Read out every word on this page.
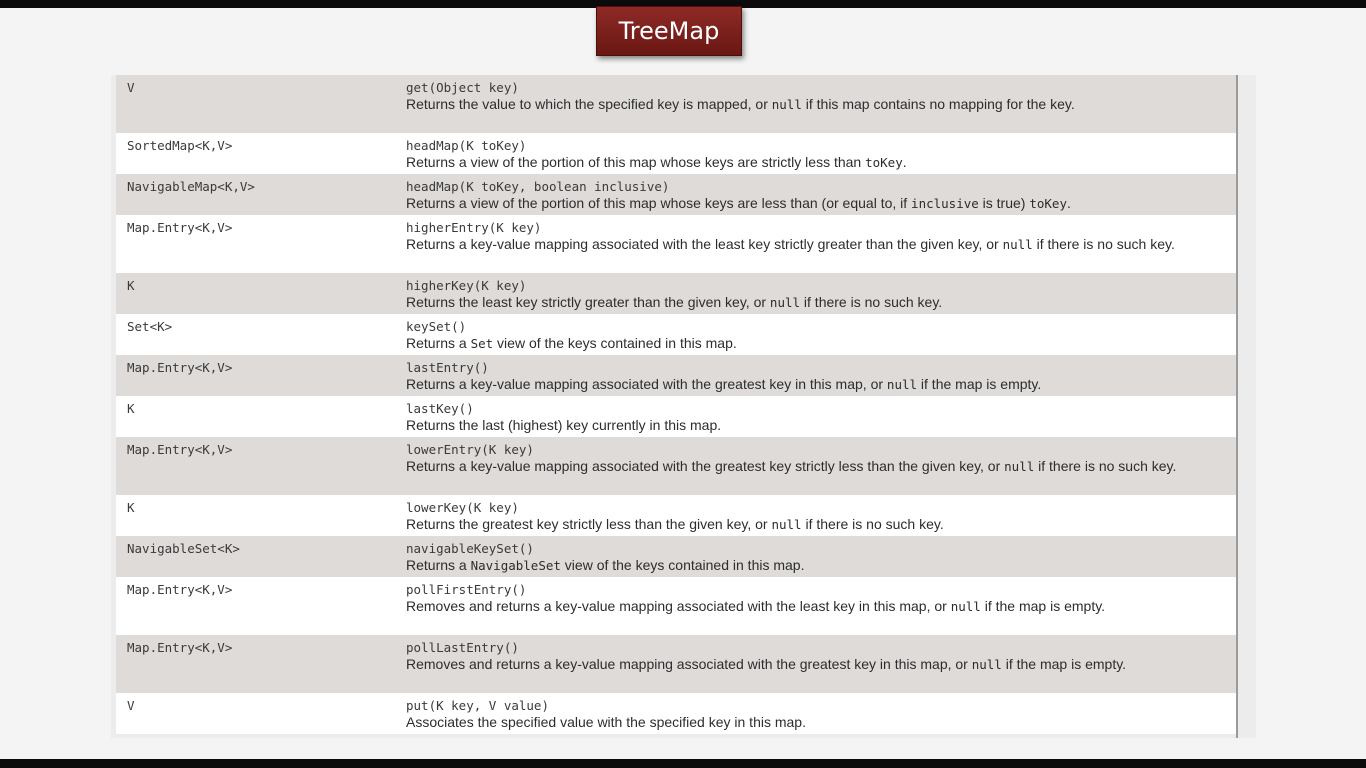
TreeMap
V	get(Object key)
Returns the value to which the specified key is mapped, or null if this map contains no mapping for the key.
SortedMap<K,V>	headMap(K toKey)
Returns a view of the portion of this map whose keys are strictly less than toKey.
NavigableMap<K,V>	headMap(K toKey, boolean inclusive)
Returns a view of the portion of this map whose keys are less than (or equal to, if inclusive is true) toKey.
Map.Entry<K,V>	higherEntry(K key)
Returns a key-value mapping associated with the least key strictly greater than the given key, or null if there is no such key.
K	higherKey(K key)
Returns the least key strictly greater than the given key, or null if there is no such key.
Set<K>	keySet()
Returns a Set view of the keys contained in this map.
Map.Entry<K,V>	lastEntry()
Returns a key-value mapping associated with the greatest key in this map, or null if the map is empty.
K	lastKey()
Returns the last (highest) key currently in this map.
Map.Entry<K,V>	lowerEntry(K key)
Returns a key-value mapping associated with the greatest key strictly less than the given key, or null if there is no such key.
K	lowerKey(K key)
Returns the greatest key strictly less than the given key, or null if there is no such key.
NavigableSet<K>	navigableKeySet()
Returns a NavigableSet view of the keys contained in this map.
Map.Entry<K,V>	pollFirstEntry()
Removes and returns a key-value mapping associated with the least key in this map, or null if the map is empty.
Map.Entry<K,V>	pollLastEntry()
Removes and returns a key-value mapping associated with the greatest key in this map, or null if the map is empty.
V	put(K key, V value)
Associates the specified value with the specified key in this map.
